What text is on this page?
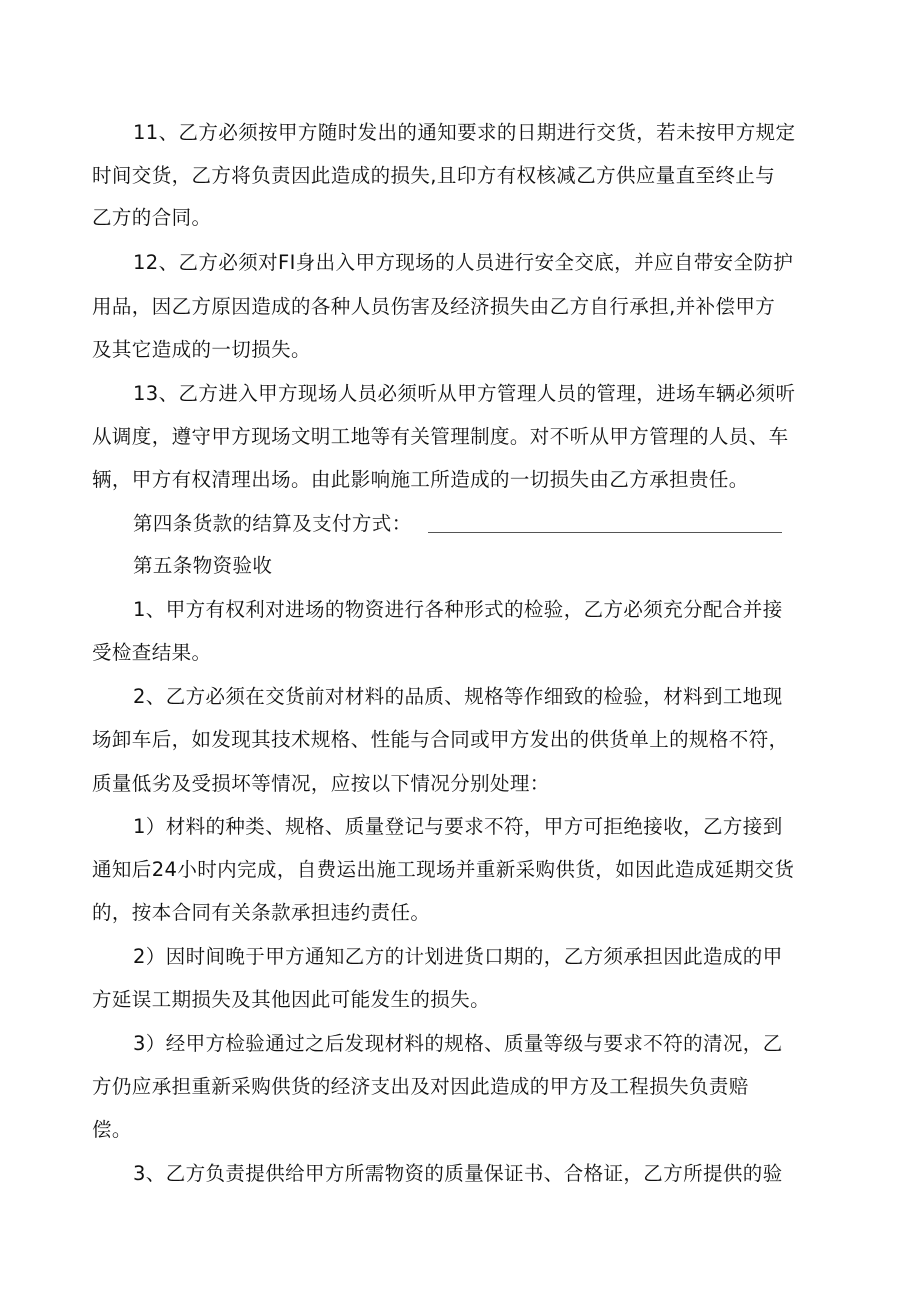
11、乙方必须按甲方随时发出的通知要求的日期进行交货，若未按甲方规定
时间交货，乙方将负责因此造成的损失,且印方有权核减乙方供应量直至终止与
乙方的合同。
12、乙方必须对FI身出入甲方现场的人员进行安全交底，并应自带安全防护
用品，因乙方原因造成的各种人员伤害及经济损失由乙方自行承担,并补偿甲方
及其它造成的一切损失。
13、乙方进入甲方现场人员必须听从甲方管理人员的管理，进场车辆必须听
从调度，遵守甲方现场文明工地等有关管理制度。对不听从甲方管理的人员、车
辆，甲方有权清理出场。由此影响施工所造成的一切损失由乙方承担贵任。
第四条货款的结算及支付方式：
第五条物资验收
1、甲方有权利对进场的物资进行各种形式的检验，乙方必须充分配合并接
受检查结果。
2、乙方必须在交货前对材料的品质、规格等作细致的检验，材料到工地现
场卸车后，如发现其技术规格、性能与合同或甲方发出的供货单上的规格不符，
质量低劣及受损坏等情况，应按以下情况分别处理：
1）材料的种类、规格、质量登记与要求不符，甲方可拒绝接收，乙方接到
通知后24小时内完成，自费运出施工现场并重新采购供货，如因此造成延期交货
的，按本合同有关条款承担违约责任。
2）因时间晚于甲方通知乙方的计划进货口期的，乙方须承担因此造成的甲
方延误工期损失及其他因此可能发生的损失。
3）经甲方检验通过之后发现材料的规格、质量等级与要求不符的清况，乙
方仍应承担重新采购供货的经济支出及对因此造成的甲方及工程损失负责赔
偿。
3、乙方负责提供给甲方所需物资的质量保证书、合格证，乙方所提供的验
